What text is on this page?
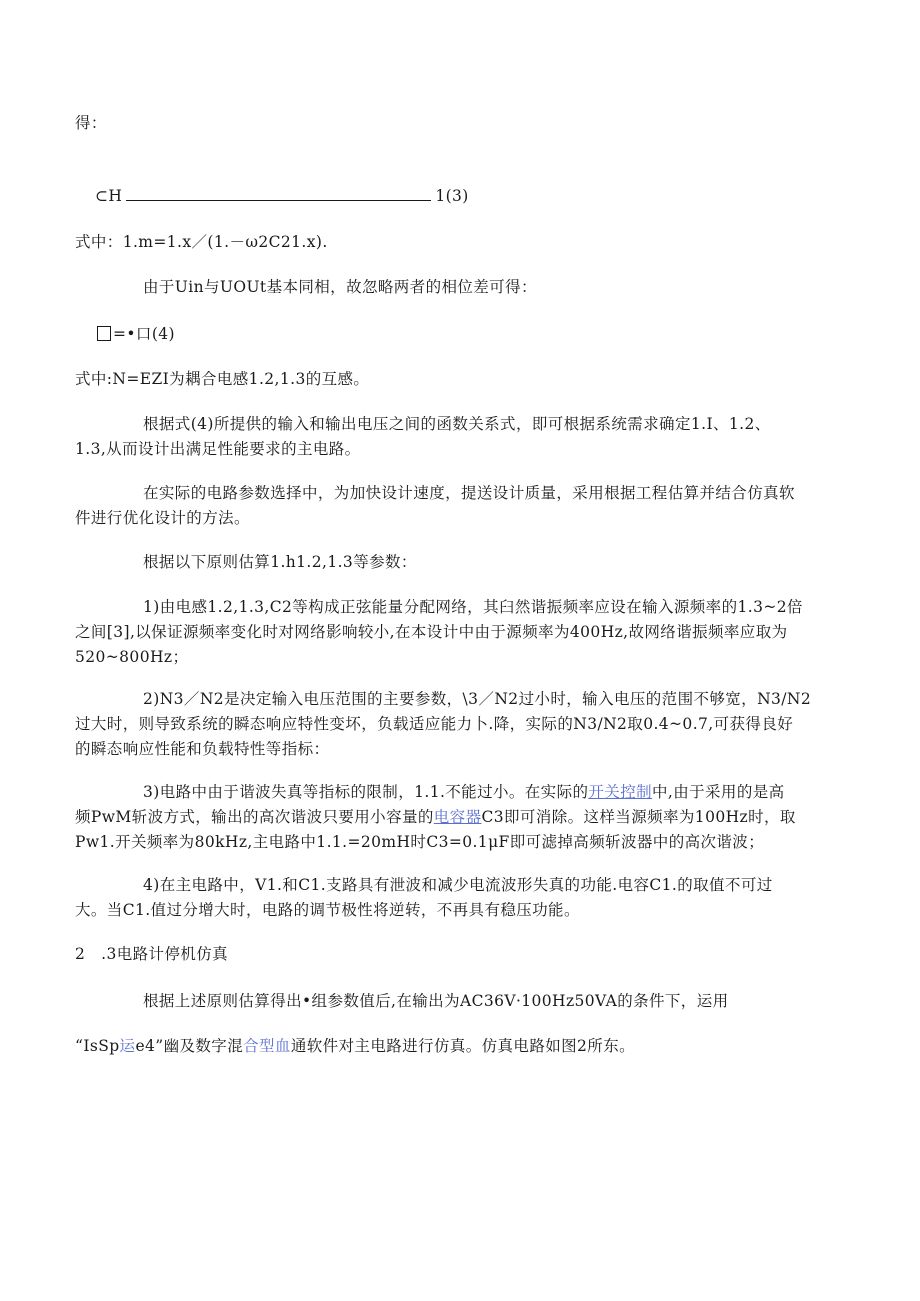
得：
⊂H	1(3)
式中：1.m=1.x／(1.－ω2C21.x).
由于Uin与UOUt基本同相，故忽略两者的相位差可得：
=•口(4)
式中:N=EZI为耦合电感1.2,1.3的互感。
根据式(4)所提供的输入和输出电压之间的函数关系式，即可根据系统需求确定1.I、1.2、
1.3,从而设计出满足性能要求的主电路。
在实际的电路参数选择中，为加快设计速度，提送设计质量，采用根据工程估算并结合仿真软
件进行优化设计的方法。
根据以下原则估算1.h1.2,1.3等参数：
1)由电感1.2,1.3,C2等构成正弦能量分配网络，其臼然谐振频率应设在输入源频率的1.3~2倍
之间[3],以保证源频率变化时对网络影响较小,在本设计中由于源频率为400Hz,故网络谐振频率应取为
520~800Hz；
2)N3／N2是决定输入电压范围的主要参数，\3／N2过小时，输入电压的范围不够宽，N3/N2
过大时，则导致系统的瞬态响应特性变坏，负载适应能力卜.降，实际的N3/N2取0.4~0.7,可获得良好
的瞬态响应性能和负载特性等指标：
3)电路中由于谐波失真等指标的限制，1.1.不能过小。在实际的开关控制中,由于采用的是高
频PwM斩波方式，输出的高次谐波只要用小容量的电容器C3即可消除。这样当源频率为100Hz时，取
Pw1.开关频率为80kHz,主电路中1.1.=20mH时C3=0.1μF即可滤掉高频斩波器中的高次谐波；
4)在主电路中，V1.和C1.支路具有泄波和减少电流波形失真的功能.电容C1.的取值不可过
大。当C1.值过分增大时，电路的调节极性将逆转，不再具有稳压功能。
2　.3电路计停机仿真
根据上述原则估算得出•组参数值后,在输出为AC36V·100Hz50VA的条件下，运用
“IsSp运e4”幽及数字混合型血通软件对主电路进行仿真。仿真电路如图2所东。
